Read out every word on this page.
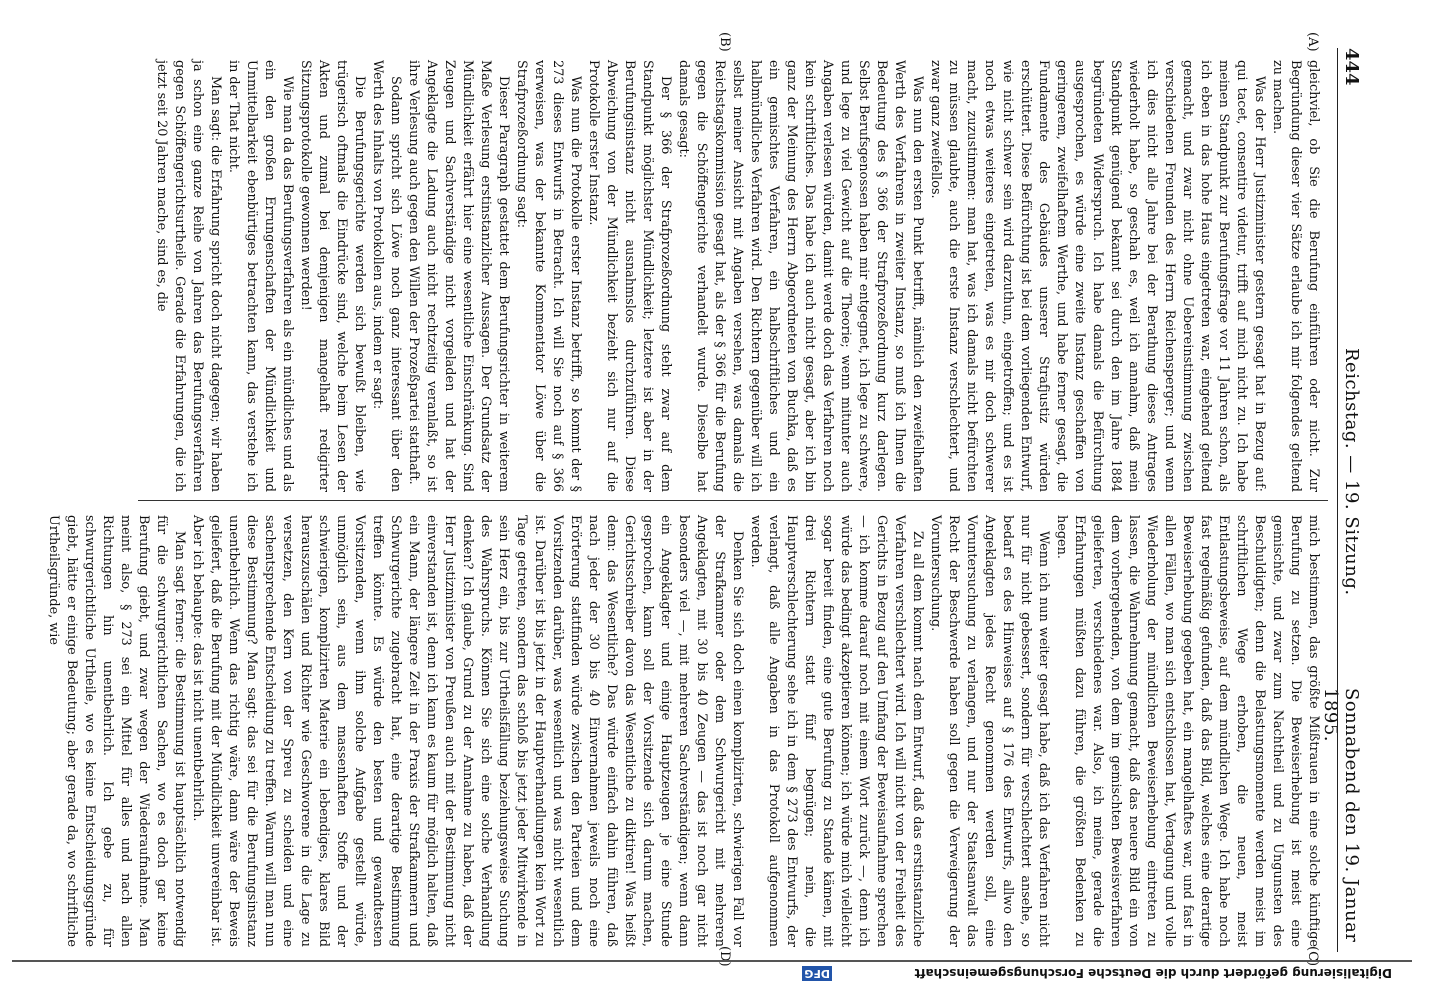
444
Reichstag. — 19. Sitzung.
Sonnabend den 19. Januar 1895.
(A)
(B)
(C)
(D)

gleichviel, ob Sie die Berufung einführen oder nicht. Zur Begründung dieser vier Sätze erlaube ich mir folgendes geltend zu machen.

Was der Herr Justizminister gestern gesagt hat in Bezug auf: qui tacet, consentire videtur, trifft auf mich nicht zu. Ich habe meinen Standpunkt zur Berufungsfrage vor 11 Jahren schon, als ich eben in das hohe Haus eingetreten war, eingehend geltend gemacht, und zwar nicht ohne Uebereinstimmung zwischen verschiedenen Freunden des Herrn Reichensperger; und wenn ich dies nicht alle Jahre bei der Berathung dieses Antrages wiederholt habe, so geschah es, weil ich annahm, daß mein Standpunkt genügend bekannt sei durch den im Jahre 1884 begründeten Widerspruch. Ich habe damals die Befürchtung ausgesprochen, es würde eine zweite Instanz geschaffen von geringerem, zweifelhaftem Werthe, und habe ferner gesagt, die Fundamente des Gebäudes unserer Strafjustiz würden erschüttert. Diese Befürchtung ist bei dem vorliegenden Entwurf, wie nicht schwer sein wird darzuthun, eingetroffen; und es ist noch etwas weiteres eingetreten, was es mir doch schwerer macht, zuzustimmen: man hat, was ich damals nicht befürchten zu müssen glaubte, auch die erste Instanz verschlechtert, und zwar ganz zweifellos.

Was nun den ersten Punkt betrifft, nämlich den zweifelhaften Werth des Verfahrens in zweiter Instanz, so muß ich Ihnen die Bedeutung des § 366 der Strafprozeßordnung kurz darlegen. Selbst Berufsgenossen haben mir entgegnet, ich lege zu schwere, und lege zu viel Gewicht auf die Theorie; wenn mitunter auch Angaben verlesen würden, damit werde doch das Verfahren noch kein schriftliches. Das habe ich auch nicht gesagt, aber ich bin ganz der Meinung des Herrn Abgeordneten von Buchka, daß es ein gemischtes Verfahren, ein halbschriftliches und ein halbmündliches Verfahren wird. Den Richtern gegenüber will ich selbst meiner Ansicht mit Angaben versehen, was damals die Reichstagskommission gesagt hat, als der § 366 für die Berufung gegen die Schöffengerichte verhandelt wurde. Dieselbe hat damals gesagt:

Der § 366 der Strafprozeßordnung steht zwar auf dem Standpunkt möglichster Mündlichkeit; letztere ist aber in der Berufungsinstanz nicht ausnahmslos durchzuführen. Diese Abweichung von der Mündlichkeit bezieht sich nur auf die Protokolle erster Instanz.

Was nun die Protokolle erster Instanz betrifft, so kommt der § 273 dieses Entwurfs in Betracht. Ich will Sie noch auf § 366 verweisen, was der bekannte Kommentator Löwe über die Strafprozeßordnung sagt:

Dieser Paragraph gestattet dem Berufungsrichter in weiterem Maße Verlesung erstinstanzlicher Aussagen. Der Grundsatz der Mündlichkeit erfährt hier eine wesentliche Einschränkung. Sind Zeugen und Sachverständige nicht vorgeladen und hat der Angeklagte die Ladung auch nicht rechtzeitig veranlaßt, so ist ihre Verlesung auch gegen den Willen der Prozeßpartei statthaft.

Sodann spricht sich Löwe noch ganz interessant über den Werth des Inhalts von Protokollen aus, indem er sagt:

Die Berufungsgerichte werden sich bewußt bleiben, wie trügerisch oftmals die Eindrücke sind, welche beim Lesen der Akten und zumal bei demjenigen mangelhaft redigirter Sitzungsprotokolle gewonnen werden!

Wie man da das Berufungsverfahren als ein mündliches und als ein den großen Errungenschaften der Mündlichkeit und Unmittelbarkeit ebenbürtiges betrachten kann, das verstehe ich in der That nicht.

Man sagt: die Erfahrung spricht doch nicht dagegen; wir haben ja schon eine ganze Reihe von Jahren das Berufungsverfahren gegen Schöffengerichtsurtheile. Gerade die Erfahrungen, die ich jetzt seit 20 Jahren mache, sind es, die

mich bestimmen, das größte Mißtrauen in eine solche künftige Berufung zu setzen. Die Beweiserhebung ist meist eine gemischte, und zwar zum Nachtheil und zu Ungunsten des Beschuldigten; denn die Belastungsmomente werden meist im schriftlichen Wege erhoben, die neuen, meist Entlastungsbeweise, auf dem mündlichen Wege. Ich habe noch fast regelmäßig gefunden, daß das Bild, welches eine derartige Beweiserhebung gegeben hat, ein mangelhaftes war, und fast in allen Fällen, wo man sich entschlossen hat, Vertagung und volle Wiederholung der mündlichen Beweiserhebung eintreten zu lassen, die Wahrnehmung gemacht, daß das neuere Bild ein von dem vorhergehenden, von dem im gemischten Beweisverfahren gelieferten, verschiedenes war. Also, ich meine, gerade die Erfahrungen müßten dazu führen, die größten Bedenken zu hegen.

Wenn ich nun weiter gesagt habe, daß ich das Verfahren nicht nur für nicht gebessert, sondern für verschlechtert ansehe, so bedarf es des Hinweises auf § 176 des Entwurfs, allwo den Angeklagten jedes Recht genommen werden soll, eine Voruntersuchung zu verlangen, und nur der Staatsanwalt das Recht der Beschwerde haben soll gegen die Verweigerung der Voruntersuchung.

Zu all dem kommt nach dem Entwurf, daß das erstinstanzliche Verfahren verschlechtert wird. Ich will nicht von der Freiheit des Gerichts in Bezug auf den Umfang der Beweisaufnahme sprechen — ich komme darauf noch mit einem Wort zurück —, denn ich würde das bedingt akzeptieren können; ich würde mich vielleicht sogar bereit finden, eine gute Berufung zu Stande kämen, mit drei Richtern statt fünf begnügen; nein, die Hauptverschlechterung sehe ich in dem § 273 des Entwurfs, der verlangt, daß alle Angaben in das Protokoll aufgenommen werden.

Denken Sie sich doch einen komplizirten, schwierigen Fall vor der Strafkammer oder dem Schwurgericht mit mehreren Angeklagten, mit 30 bis 40 Zeugen — das ist noch gar nicht besonders viel —, mit mehreren Sachverständigen; wenn dann ein Angeklagter und einige Hauptzeugen je eine Stunde gesprochen, kann soll der Vorsitzende sich darum machen, Gerichtsschreiber davon das Wesentliche zu diktiren! Was heißt denn: das Wesentliche? Das würde einfach dahin führen, daß nach jeder der 30 bis 40 Einvernahmen jeweils noch eine Erörterung stattfinden würde zwischen den Parteien und dem Vorsitzenden darüber, was wesentlich und was nicht wesentlich ist. Darüber ist bis jetzt in der Hauptverhandlungen kein Wort zu Tage getreten, sondern das schloß bis jetzt jeder Mitwirkende in sein Herz ein, bis zur Urtheilsfällung beziehungsweise Suchung des Wahrspruchs. Können Sie sich eine solche Verhandlung denken? Ich glaube, Grund zu der Annahme zu haben, daß der Herr Justizminister von Preußen auch mit der Bestimmung nicht einverstanden ist, denn ich kann es kaum für möglich halten, daß ein Mann, der längere Zeit in der Praxis der Strafkammern und Schwurgerichte zugebracht hat, eine derartige Bestimmung treffen könnte. Es würde den besten und gewandtesten Vorsitzenden, wenn ihm solche Aufgabe gestellt würde, unmöglich sein, aus dem massenhaften Stoffe und der schwierigen, komplizirten Materie ein lebendiges, klares Bild herauszuschälen und Richter wie Geschworene in die Lage zu versetzen, den Kern von der Spreu zu scheiden und eine sachentsprechende Entscheidung zu treffen. Warum will man nun diese Bestimmung? Man sagt: das sei für die Berufungsinstanz unentbehrlich. Wenn das richtig wäre, dann wäre der Beweis geliefert, daß die Berufung mit der Mündlichkeit unvereinbar ist. Aber ich behaupte: das ist nicht unentbehrlich.

Man sagt ferner: die Bestimmung ist hauptsächlich notwendig für die schwurgerichtlichen Sachen, wo es doch gar keine Berufung giebt, und zwar wegen der Wiederaufnahme. Man meint also, § 273 sei ein Mittel für alles und nach allen Richtungen hin unentbehrlich. Ich gebe zu, für schwurgerichtliche Urtheile, wo es keine Entscheidungsgründe giebt, hätte er einige Bedeutung; aber gerade da, wo schriftliche Urtheilsgründe, wie

Digitalisierung gefördert durch die Deutsche Forschungsgemeinschaft
DFG
